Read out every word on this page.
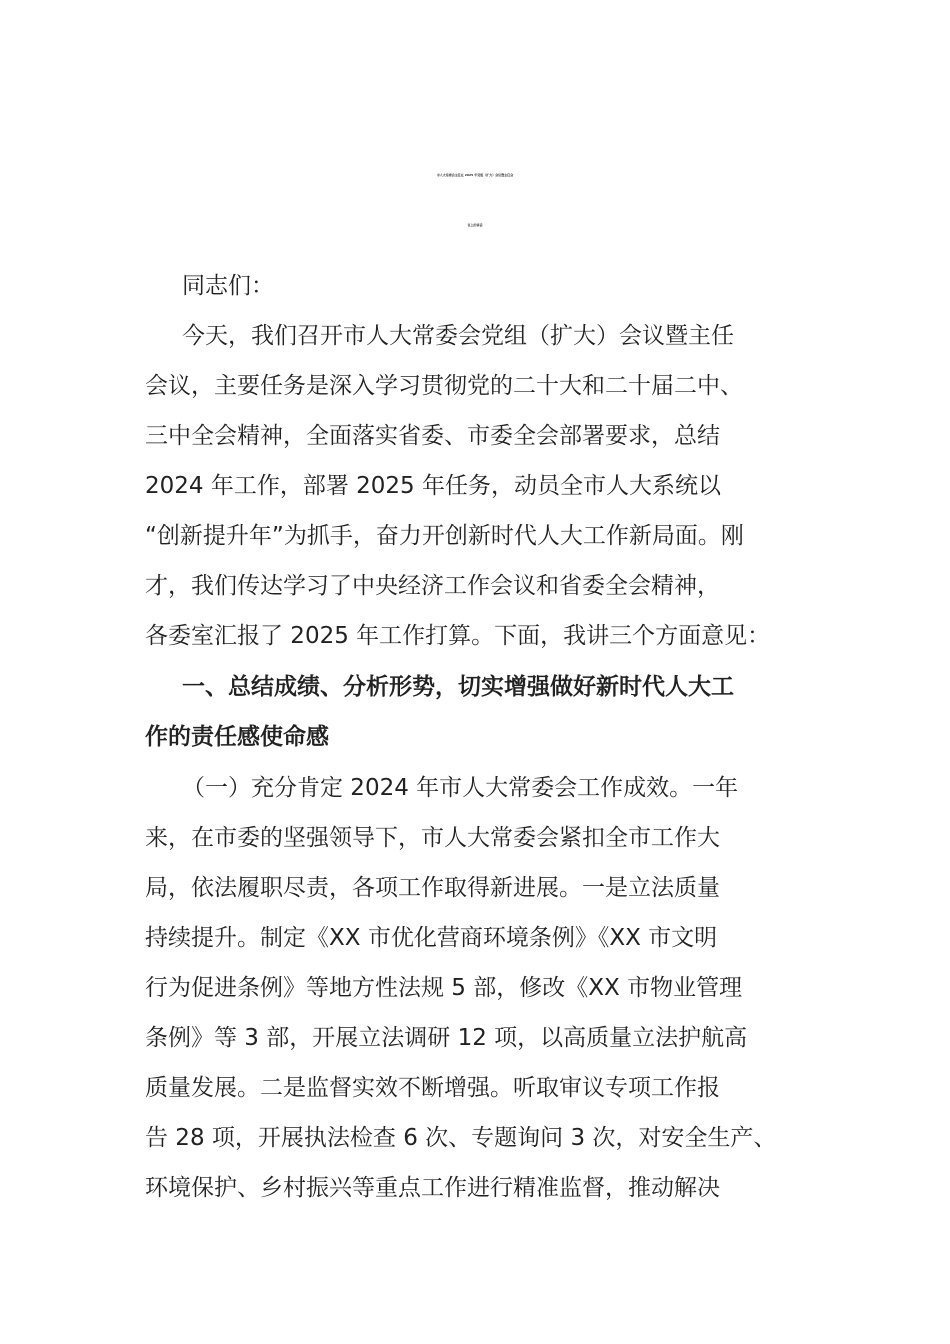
市人大常委会主任在 2025 年党组（扩大）会议暨主任会
议上的讲话
同志们：
今天，我们召开市人大常委会党组（扩大）会议暨主任
会议，主要任务是深入学习贯彻党的二十大和二十届二中、
三中全会精神，全面落实省委、市委全会部署要求，总结
2024 年工作，部署 2025 年任务，动员全市人大系统以
“创新提升年”为抓手，奋力开创新时代人大工作新局面。刚
才，我们传达学习了中央经济工作会议和省委全会精神，
各委室汇报了 2025 年工作打算。下面，我讲三个方面意见：
一、总结成绩、分析形势，切实增强做好新时代人大工
作的责任感使命感
（一）充分肯定 2024 年市人大常委会工作成效。一年
来，在市委的坚强领导下，市人大常委会紧扣全市工作大
局，依法履职尽责，各项工作取得新进展。一是立法质量
持续提升。制定《XX 市优化营商环境条例》《XX 市文明
行为促进条例》等地方性法规 5 部，修改《XX 市物业管理
条例》等 3 部，开展立法调研 12 项，以高质量立法护航高
质量发展。二是监督实效不断增强。听取审议专项工作报
告 28 项，开展执法检查 6 次、专题询问 3 次，对安全生产、
环境保护、乡村振兴等重点工作进行精准监督，推动解决
